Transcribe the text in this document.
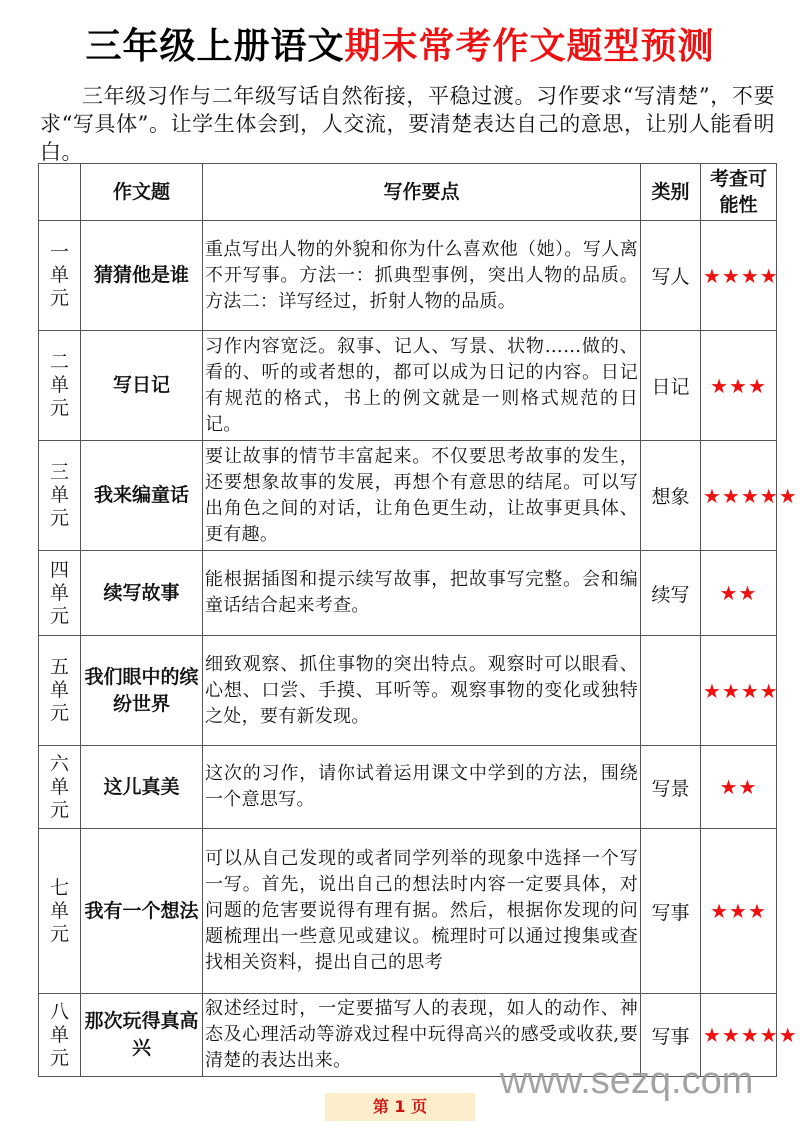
三年级上册语文期末常考作文题型预测
三年级习作与二年级写话自然衔接，平稳过渡。习作要求“写清楚”，不要求“写具体”。让学生体会到，人交流，要清楚表达自己的意思，让别人能看明白。
	作文题	写作要点	类别	考查可能性
一单元	猜猜他是谁	重点写出人物的外貌和你为什么喜欢他（她）。写人离不开写事。方法一：抓典型事例，突出人物的品质。方法二：详写经过，折射人物的品质。	写人	★★★★
二单元	写日记	习作内容宽泛。叙事、记人、写景、状物……做的、看的、听的或者想的，都可以成为日记的内容。日记有规范的格式，书上的例文就是一则格式规范的日记。	日记	★★★
三单元	我来编童话	要让故事的情节丰富起来。不仅要思考故事的发生，还要想象故事的发展，再想个有意思的结尾。可以写出角色之间的对话，让角色更生动，让故事更具体、更有趣。	想象	★★★★★
四单元	续写故事	能根据插图和提示续写故事，把故事写完整。会和编童话结合起来考查。	续写	★★
五单元	我们眼中的缤纷世界	细致观察、抓住事物的突出特点。观察时可以眼看、心想、口尝、手摸、耳听等。观察事物的变化或独特之处，要有新发现。		★★★★
六单元	这儿真美	这次的习作，请你试着运用课文中学到的方法，围绕一个意思写。	写景	★★
七单元	我有一个想法	可以从自己发现的或者同学列举的现象中选择一个写一写。首先，说出自己的想法时内容一定要具体，对问题的危害要说得有理有据。然后，根据你发现的问题梳理出一些意见或建议。梳理时可以通过搜集或查找相关资料，提出自己的思考	写事	★★★
八单元	那次玩得真高兴	叙述经过时，一定要描写人的表现，如人的动作、神态及心理活动等游戏过程中玩得高兴的感受或收获,要清楚的表达出来。	写事	★★★★★
www.sezq.com
第 1 页
